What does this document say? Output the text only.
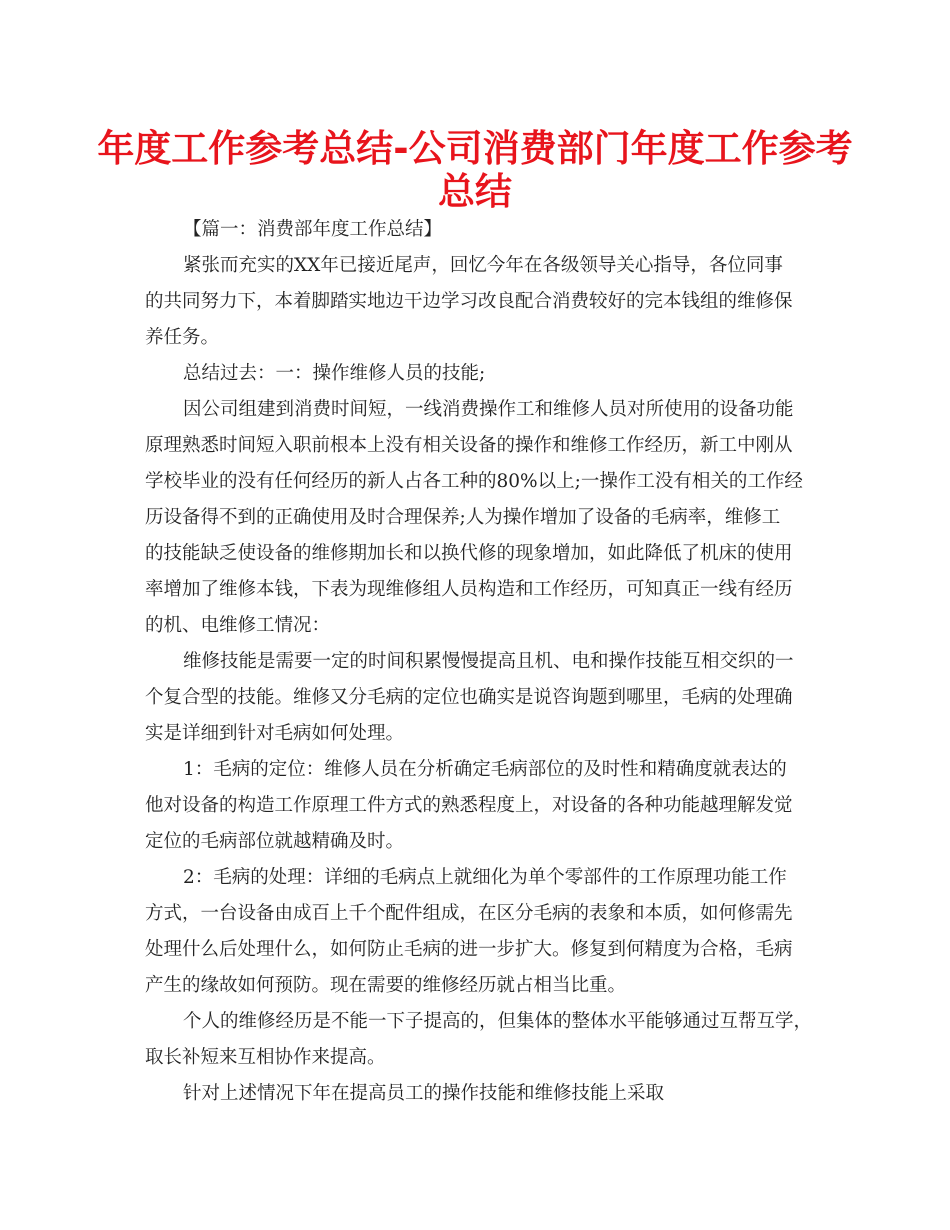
年度工作参考总结-公司消费部门年度工作参考
总结
【篇一：消费部年度工作总结】
紧张而充实的XX年已接近尾声，回忆今年在各级领导关心指导，各位同事
的共同努力下，本着脚踏实地边干边学习改良配合消费较好的完本钱组的维修保
养任务。
总结过去：一：操作维修人员的技能;
因公司组建到消费时间短，一线消费操作工和维修人员对所使用的设备功能
原理熟悉时间短入职前根本上没有相关设备的操作和维修工作经历，新工中刚从
学校毕业的没有任何经历的新人占各工种的80%以上;一操作工没有相关的工作经
历设备得不到的正确使用及时合理保养;人为操作增加了设备的毛病率，维修工
的技能缺乏使设备的维修期加长和以换代修的现象增加，如此降低了机床的使用
率增加了维修本钱，下表为现维修组人员构造和工作经历，可知真正一线有经历
的机、电维修工情况：
维修技能是需要一定的时间积累慢慢提高且机、电和操作技能互相交织的一
个复合型的技能。维修又分毛病的定位也确实是说咨询题到哪里，毛病的处理确
实是详细到针对毛病如何处理。
1：毛病的定位：维修人员在分析确定毛病部位的及时性和精确度就表达的
他对设备的构造工作原理工件方式的熟悉程度上，对设备的各种功能越理解发觉
定位的毛病部位就越精确及时。
2：毛病的处理：详细的毛病点上就细化为单个零部件的工作原理功能工作
方式，一台设备由成百上千个配件组成，在区分毛病的表象和本质，如何修需先
处理什么后处理什么，如何防止毛病的进一步扩大。修复到何精度为合格，毛病
产生的缘故如何预防。现在需要的维修经历就占相当比重。
个人的维修经历是不能一下子提高的，但集体的整体水平能够通过互帮互学，
取长补短来互相协作来提高。
针对上述情况下年在提高员工的操作技能和维修技能上采取
